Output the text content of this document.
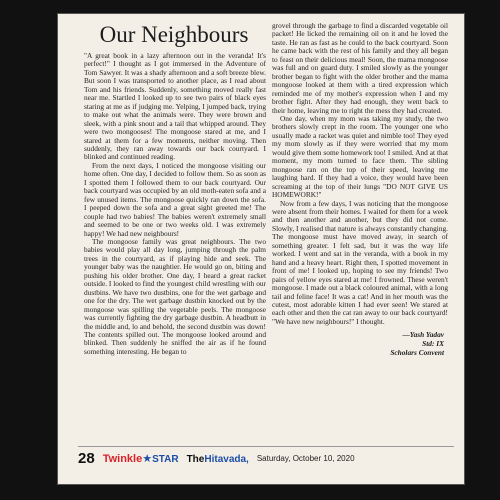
Our Neighbours

"A great book in a lazy afternoon out in the veranda! It's perfect!" I thought as I got immersed in the Adventure of Tom Sawyer. It was a shady afternoon and a soft breeze blew. But soon I was transported to another place, as I read about Tom and his friends. Suddenly, something moved really fast near me. Startled I looked up to see two pairs of black eyes staring at me as if judging me. Yelping, I jumped back, trying to make out what the animals were. They were brown and sleek, with a pink snout and a tail that whipped around. They were two mongooses! The mongoose stared at me, and I stared at them for a few moments, neither moving. Then suddenly, they ran away towards our back courtyard. I blinked and continued reading.

From the next days, I noticed the mongoose visiting our home often. One day, I decided to follow them. So as soon as I spotted them I followed them to our back courtyard. Our back courtyard was occupied by an old moth-eaten sofa and a few unused items. The mongoose quickly ran down the sofa. I peeped down the sofa and a great sight greeted me! The couple had two babies! The babies weren't extremely small and seemed to be one or two weeks old. I was extremely happy! We had new neighbours!

The mongoose family was great neighbours. The two babies would play all day long, jumping through the palm trees in the courtyard, as if playing hide and seek. The younger baby was the naughtier. He would go on, biting and pushing his older brother. One day, I heard a great racket outside. I looked to find the youngest child wrestling with our dustbins. We have two dustbins, one for the wet garbage and one for the dry. The wet garbage dustbin knocked out by the mongoose was spilling the vegetable peels. The mongoose was currently fighting the dry garbage dustbin. A headbutt in the middle and, lo and behold, the second dustbin was down! The contents spilled out. The mongoose looked around and blinked. Then suddenly he sniffed the air as if he found something interesting. He began to

grovel through the garbage to find a discarded vegetable oil packet! He licked the remaining oil on it and he loved the taste. He ran as fast as he could to the back courtyard. Soon he came back with the rest of his family and they all began to feast on their delicious meal! Soon, the mama mongoose was full and on guard duty. I smiled slowly as the younger brother began to fight with the older brother and the mama mongoose looked at them with a tired expression which reminded me of my mother's expression when I and my brother fight. After they had enough, they went back to their home, leaving me to right the mess they had created.

One day, when my mom was taking my study, the two brothers slowly crept in the room. The younger one who usually made a racket was quiet and nimble too! They eyed my mom slowly as if they were worried that my mom would give them some homework too! I smiled. And at that moment, my mom turned to face them. The sibling mongoose ran on the top of their speed, leaving me laughing hard. If they had a voice, they would have been screaming at the top of their lungs "DO NOT GIVE US HOMEWORK!"

Now from a few days, I was noticing that the mongoose were absent from their homes. I waited for them for a week and then another and another, but they did not come. Slowly, I realised that nature is always constantly changing. The mongoose must have moved away, in search of something greater. I felt sad, but it was the way life worked. I went and sat in the veranda, with a book in my hand and a heavy heart. Right then, I spotted movement in front of me! I looked up, hoping to see my friends! Two pairs of yellow eyes stared at me! I frowned. These weren't mongoose. I made out a black coloured animal, with a long tail and feline face! It was a cat! And in her mouth was the cutest, most adorable kitten I had ever seen! We stared at each other and then the cat ran away to our back courtyard! "We have new neighbours!" I thought.

—Yash Yadav
Std: IX
Scholars Convent
28 Twinkle★STAR TheHitavada, Saturday, October 10, 2020
